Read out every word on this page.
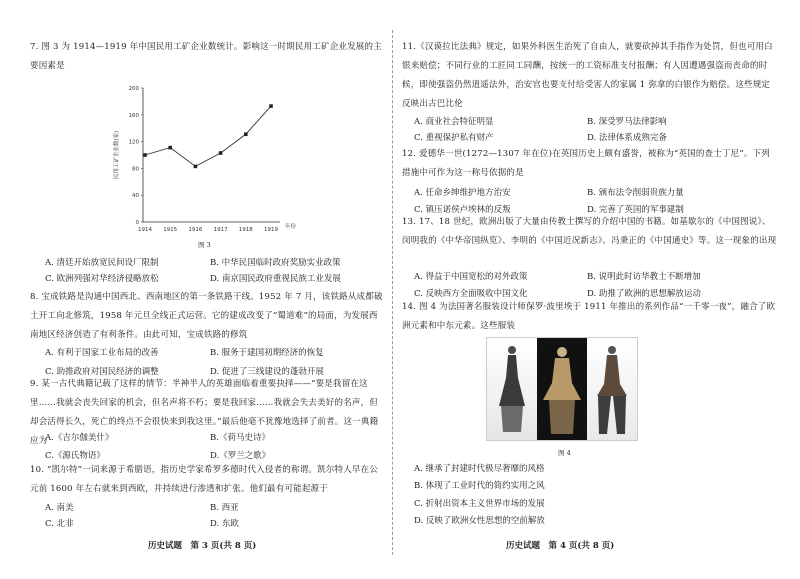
7. 图 3 为 1914—1919 年中国民用工矿企业数统计。影响这一时期民用工矿企业发展的主要因素是
民用工矿企业数(家)
0
40
80
120
160
200
1914 1915 1916 1917 1918 1919 年份
图 3
A. 清廷开始放宽民间设厂限制	B. 中华民国临时政府奖励实业政策
C. 欧洲列强对华经济侵略放松	D. 南京国民政府重视民族工业发展
8. 宝成铁路是沟通中国西北、西南地区的第一条铁路干线。1952 年 7 月，该铁路从成都破土开工向北修筑，1958 年元旦全线正式运营。它的建成改变了“蜀道难”的局面，为发展西南地区经济创造了有利条件。由此可知，宝成铁路的修筑
A. 有利于国家工业布局的改善	B. 服务于建国初期经济的恢复
C. 助推政府对国民经济的调整	D. 促进了三线建设的蓬勃开展
9. 某一古代典籍记载了这样的情节：半神半人的英雄面临着重要抉择——“要是我留在这里……我就会丧失回家的机会，但名声将不朽；要是我回家……我就会失去美好的名声，但却会活得长久，死亡的终点不会很快来到我这里。”最后他毫不犹豫地选择了前者。这一典籍应为
A.《吉尔伽美什》	B.《荷马史诗》
C.《源氏物语》	D.《罗兰之歌》
10. “凯尔特”一词来源于希腊语，指历史学家希罗多德时代入侵者的称谓。凯尔特人早在公元前 1600 年左右就来到西欧，并持续进行渗透和扩张。他们最有可能起源于
A. 南美	B. 西亚
C. 北非	D. 东欧
历史试题　第 3 页(共 8 页)
11.《汉谟拉比法典》规定，如果外科医生治死了自由人，就要砍掉其手指作为处罚，但也可用白银来赔偿；不同行业的工匠同工同酬，按统一的工资标准支付报酬；有人因遭遇强盗而丧命的时候，即使强盗仍然逍遥法外，治安官也要支付给受害人的家属 1 弥拿的白银作为赔偿。这些规定反映出古巴比伦
A. 商业社会特征明显	B. 深受罗马法律影响
C. 重视保护私有财产	D. 法律体系成熟完备
12. 爱德华一世(1272—1307 年在位)在英国历史上颇有盛誉，被称为“英国的查士丁尼”。下列措施中可作为这一称号依据的是
A. 任命乡绅维护地方治安	B. 颁布法令削弱贵族力量
C. 镇压诺侯卢埃林的反叛	D. 完善了英国的军事建制
13. 17、18 世纪，欧洲出版了大量由传教士撰写的介绍中国的书籍。如基歇尔的《中国图说》、闵明我的《中华帝国纵览》、李明的《中国近况新志》、冯秉正的《中国通史》等。这一现象的出现
A. 得益于中国宽松的对外政策	B. 说明此时访华教士不断增加
C. 反映西方全面吸收中国文化	D. 助推了欧洲的思想解放运动
14. 图 4 为法国著名服装设计师保罗·波里埃于 1911 年推出的系列作品“一千零一夜”，融合了欧洲元素和中东元素。这些服装
图 4
A. 继承了封建时代极尽奢靡的风格
B. 体现了工业时代的简约实用之风
C. 折射出资本主义世界市场的发展
D. 反映了欧洲女性思想的空前解放
历史试题　第 4 页(共 8 页)
